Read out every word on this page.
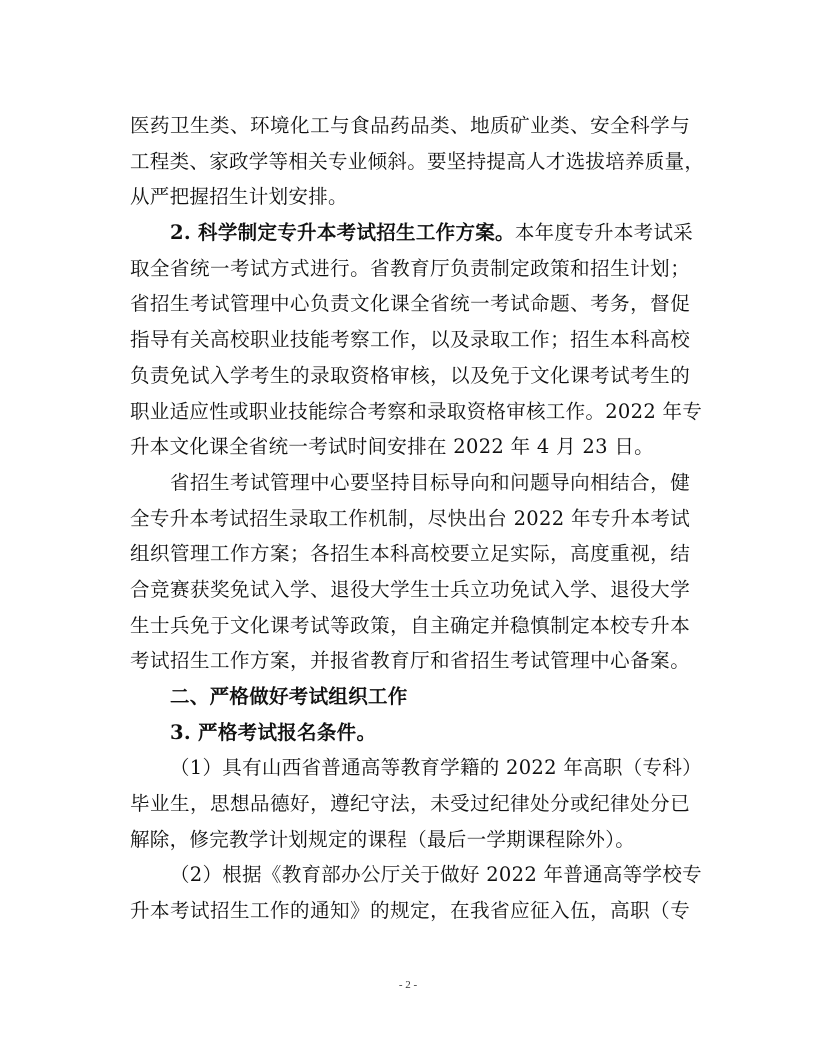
医药卫生类、环境化工与食品药品类、地质矿业类、安全科学与
工程类、家政学等相关专业倾斜。要坚持提高人才选拔培养质量，
从严把握招生计划安排。
2. 科学制定专升本考试招生工作方案。本年度专升本考试采
取全省统一考试方式进行。省教育厅负责制定政策和招生计划；
省招生考试管理中心负责文化课全省统一考试命题、考务，督促
指导有关高校职业技能考察工作，以及录取工作；招生本科高校
负责免试入学考生的录取资格审核，以及免于文化课考试考生的
职业适应性或职业技能综合考察和录取资格审核工作。2022 年专
升本文化课全省统一考试时间安排在 2022 年 4 月 23 日。
省招生考试管理中心要坚持目标导向和问题导向相结合，健
全专升本考试招生录取工作机制，尽快出台 2022 年专升本考试
组织管理工作方案；各招生本科高校要立足实际，高度重视，结
合竞赛获奖免试入学、退役大学生士兵立功免试入学、退役大学
生士兵免于文化课考试等政策，自主确定并稳慎制定本校专升本
考试招生工作方案，并报省教育厅和省招生考试管理中心备案。
二、严格做好考试组织工作
3. 严格考试报名条件。
（1）具有山西省普通高等教育学籍的 2022 年高职（专科）
毕业生，思想品德好，遵纪守法，未受过纪律处分或纪律处分已
解除，修完教学计划规定的课程（最后一学期课程除外）。
（2）根据《教育部办公厅关于做好 2022 年普通高等学校专
升本考试招生工作的通知》的规定，在我省应征入伍，高职（专
- 2 -
